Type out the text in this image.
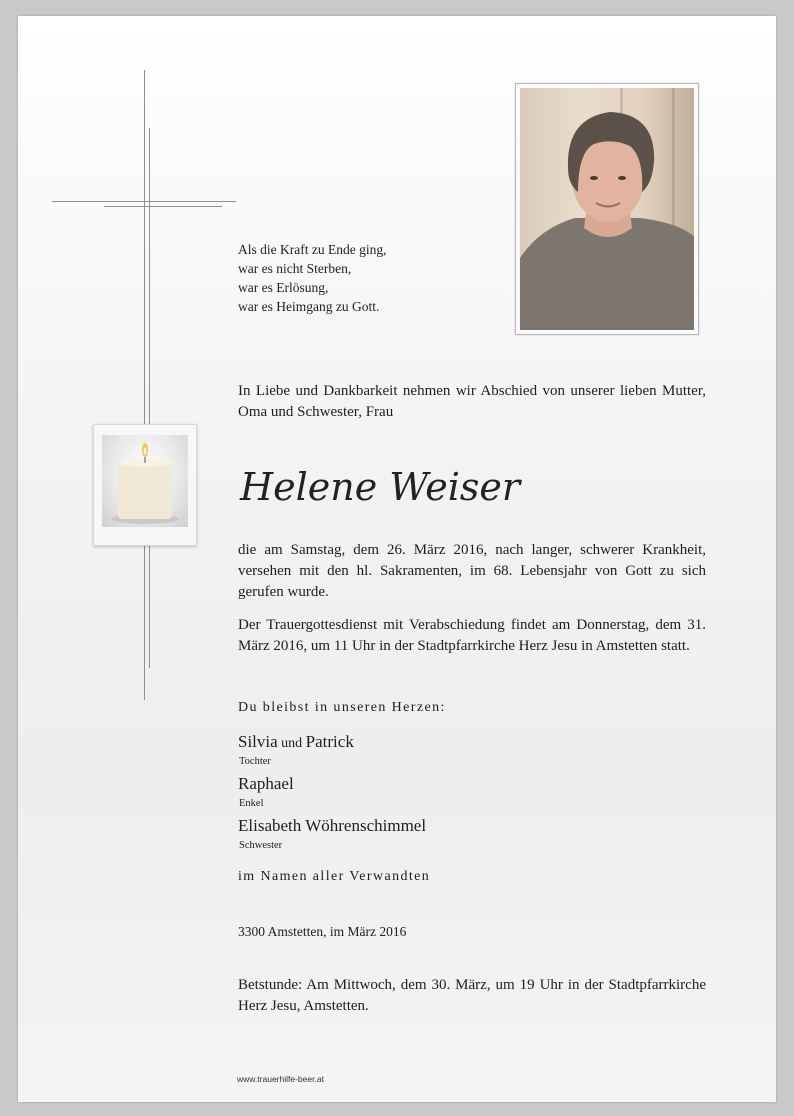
Als die Kraft zu Ende ging,
war es nicht Sterben,
war es Erlösung,
war es Heimgang zu Gott.
In Liebe und Dankbarkeit nehmen wir Abschied von unserer lieben Mutter, Oma und Schwester, Frau
Helene Weiser
die am Samstag, dem 26. März 2016, nach langer, schwerer Krankheit, versehen mit den hl. Sakramenten, im 68. Lebensjahr von Gott zu sich gerufen wurde.
Der Trauergottesdienst mit Verabschiedung findet am Donnerstag, dem 31. März 2016, um 11 Uhr in der Stadtpfarrkirche Herz Jesu in Amstetten statt.
Du bleibst in unseren Herzen:
Silvia und Patrick
Tochter
Raphael
Enkel
Elisabeth Wöhrenschimmel
Schwester
im Namen aller Verwandten
3300 Amstetten, im März 2016
Betstunde: Am Mittwoch, dem 30. März, um 19 Uhr in der Stadtpfarrkirche Herz Jesu, Amstetten.
www.trauerhilfe-beer.at
